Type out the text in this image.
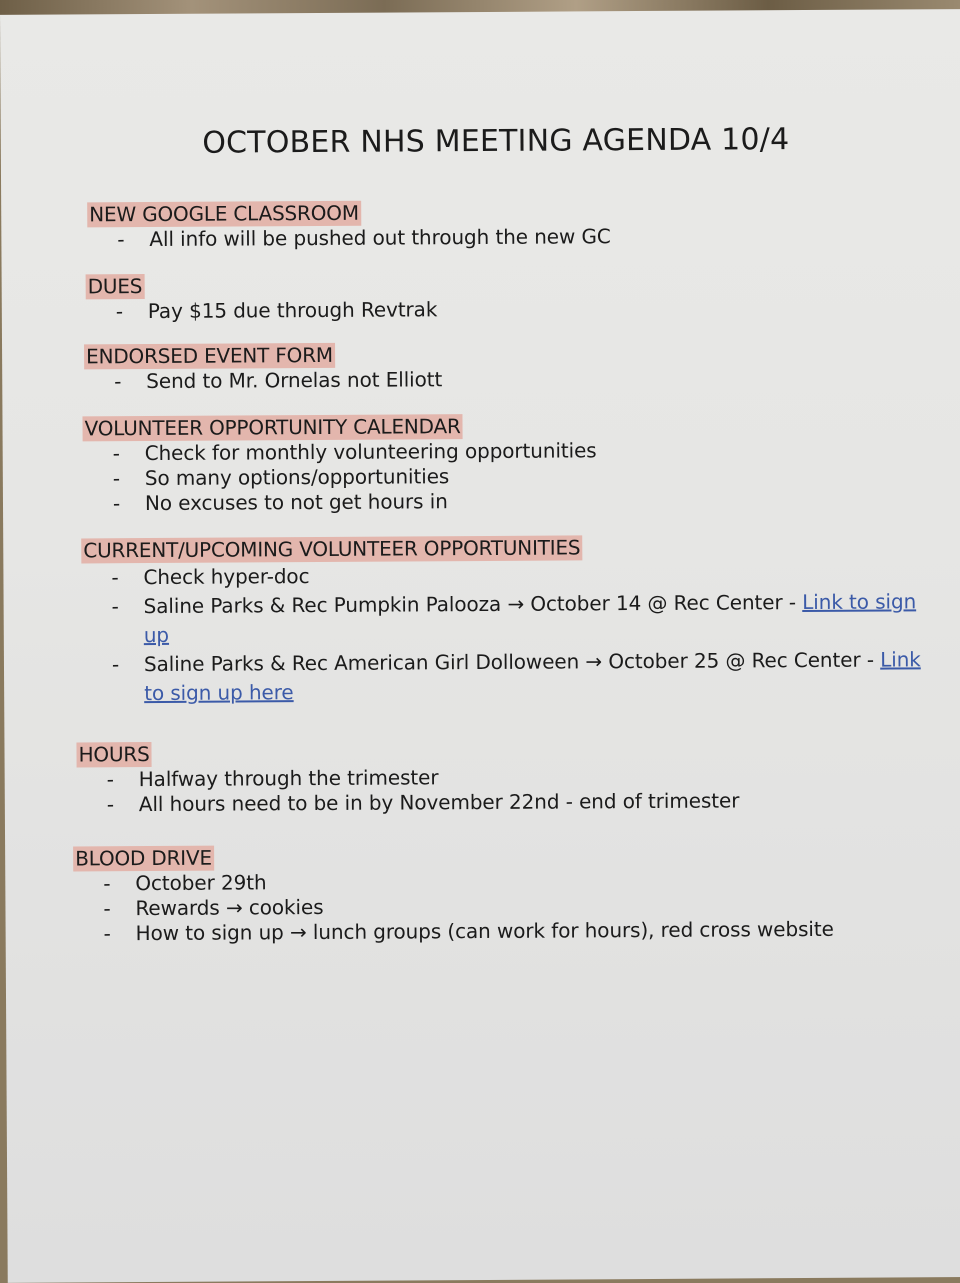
OCTOBER NHS MEETING AGENDA 10/4
NEW GOOGLE CLASSROOM
- All info will be pushed out through the new GC
DUES
- Pay $15 due through Revtrak
ENDORSED EVENT FORM
- Send to Mr. Ornelas not Elliott
VOLUNTEER OPPORTUNITY CALENDAR
- Check for monthly volunteering opportunities
- So many options/opportunities
- No excuses to not get hours in
CURRENT/UPCOMING VOLUNTEER OPPORTUNITIES
- Check hyper-doc
- Saline Parks & Rec Pumpkin Palooza → October 14 @ Rec Center - Link to sign up
- Saline Parks & Rec American Girl Dolloween → October 25 @ Rec Center - Link to sign up here
HOURS
- Halfway through the trimester
- All hours need to be in by November 22nd - end of trimester
BLOOD DRIVE
- October 29th
- Rewards → cookies
- How to sign up → lunch groups (can work for hours), red cross website
